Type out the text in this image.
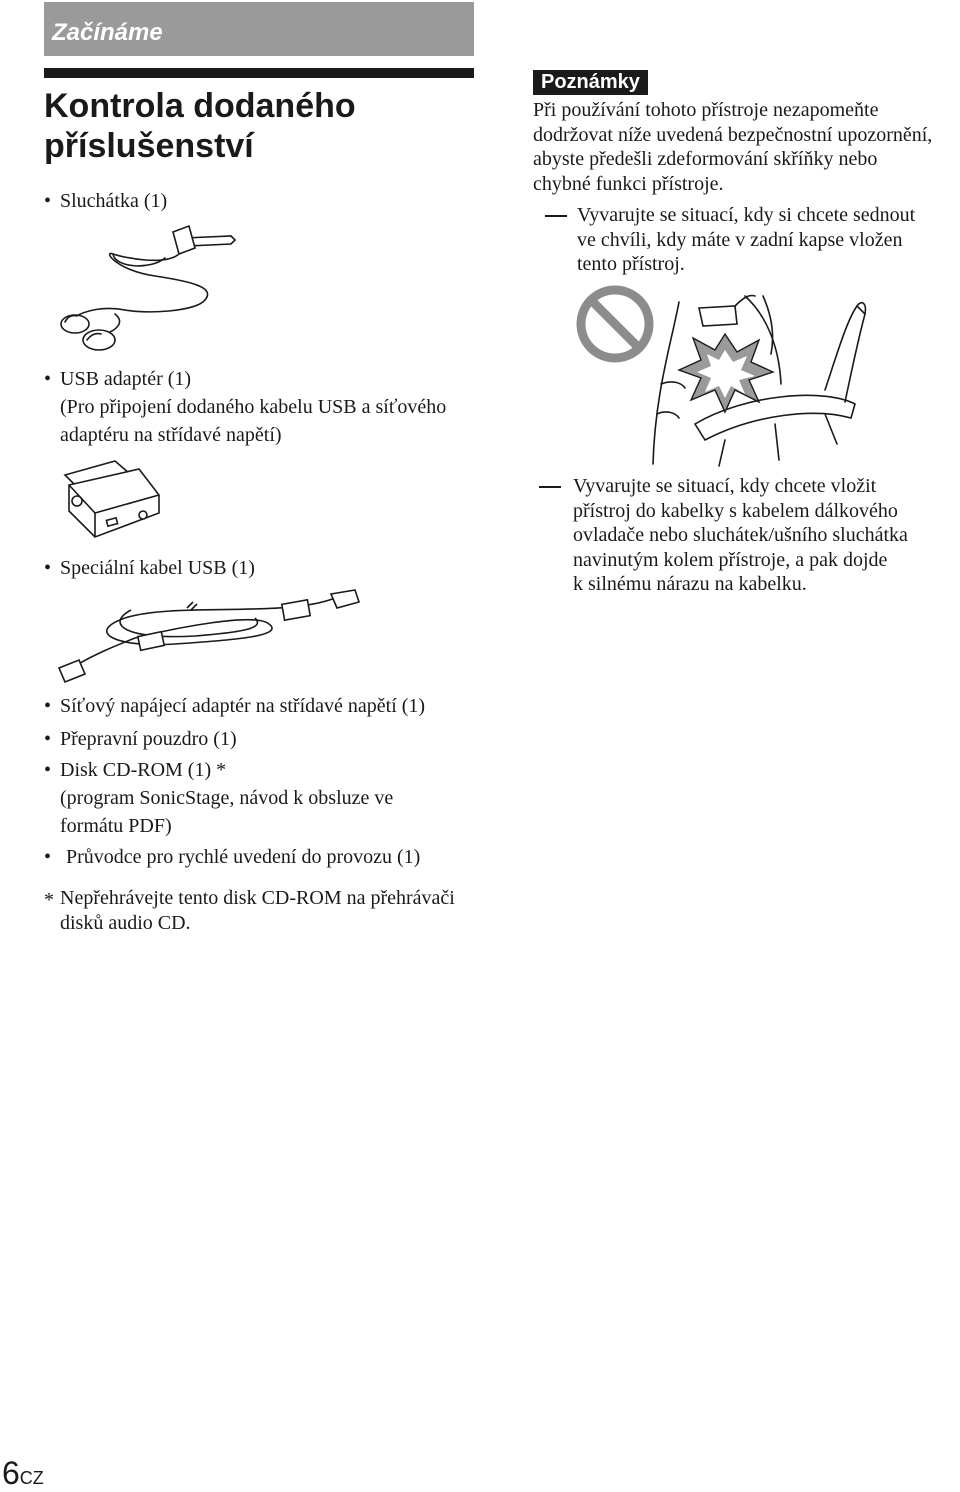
Začínáme
Kontrola dodaného
příslušenství
• Sluchátka (1)
• USB adaptér (1)
(Pro připojení dodaného kabelu USB a síťového
adaptéru na střídavé napětí)
• Speciální kabel USB (1)
• Síťový napájecí adaptér na střídavé napětí (1)
• Přepravní pouzdro (1)
• Disk CD-ROM (1) *
(program SonicStage, návod k obsluze ve
formátu PDF)
• Průvodce pro rychlé uvedení do provozu (1)
* Nepřehrávejte tento disk CD-ROM na přehrávači
disků audio CD.
Poznámky
Při používání tohoto přístroje nezapomeňte
dodržovat níže uvedená bezpečnostní upozornění,
abyste předešli zdeformování skříňky nebo
chybné funkci přístroje.
Vyvarujte se situací, kdy si chcete sednout
ve chvíli, kdy máte v zadní kapse vložen
tento přístroj.
Vyvarujte se situací, kdy chcete vložit
přístroj do kabelky s kabelem dálkového
ovladače nebo sluchátek/ušního sluchátka
navinutým kolem přístroje, a pak dojde
k silnému nárazu na kabelku.
6CZ
